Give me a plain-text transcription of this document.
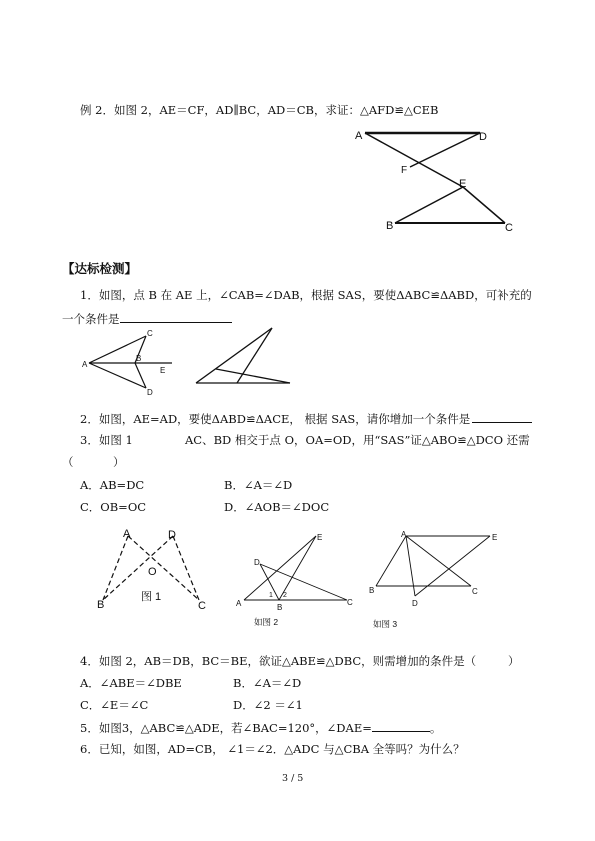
例 2．如图 2，AE＝CF，AD∥BC，AD＝CB，求证：△AFD≌△CEB
A	D
F
E
B	C
【达标检测】
1．如图，点 B 在 AE 上，∠CAB=∠DAB，根据 SAS，要使ΔABC≌ΔABD，可补充的
一个条件是
A
C
B
E
D
2．如图，AE=AD，要使ΔABD≌ΔACE， 根据 SAS，请你增加一个条件是
3．如图 1	AC、BD 相交于点 O，OA=OD，用“SAS”证△ABO≌△DCO 还需
（	）
A．AB=DC	B．∠A＝∠D
C．OB=OC	D．∠AOB＝∠DOC
A	D
O
B	C
图 1
A	B
C
D
E
1 2
如图 2
A
B	C
D
E
如图 3
4．如图 2，AB＝DB，BC＝BE，欲证△ABE≌△DBC，则需增加的条件是（	）
A．∠ABE＝∠DBE	B．∠A＝∠D
C．∠E＝∠C	D．∠2 ＝∠1
5．如图3，△ABC≌△ADE，若∠BAC=120°，∠DAE=	。
6．已知，如图，AD=CB， ∠1＝∠2．△ADC 与△CBA 全等吗？为什么？
3 / 5
